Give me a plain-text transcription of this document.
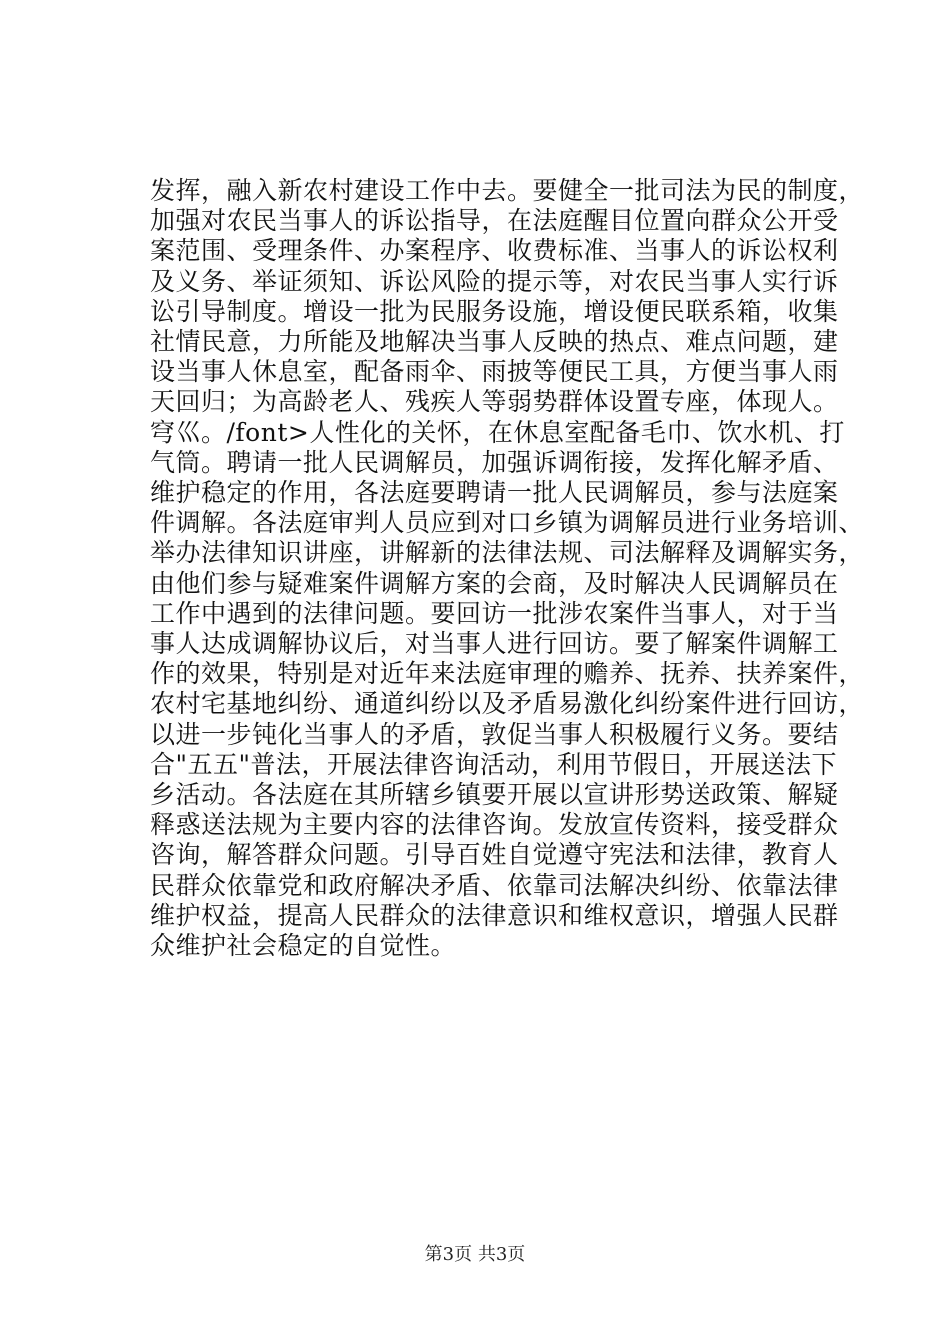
发挥，融入新农村建设工作中去。要健全一批司法为民的制度，
加强对农民当事人的诉讼指导，在法庭醒目位置向群众公开受
案范围、受理条件、办案程序、收费标准、当事人的诉讼权利
及义务、举证须知、诉讼风险的提示等，对农民当事人实行诉
讼引导制度。增设一批为民服务设施，增设便民联系箱，收集
社情民意，力所能及地解决当事人反映的热点、难点问题，建
设当事人休息室，配备雨伞、雨披等便民工具，方便当事人雨
天回归；为高龄老人、残疾人等弱势群体设置专座，体现人。
穹巛。/font>人性化的关怀，在休息室配备毛巾、饮水机、打
气筒。聘请一批人民调解员，加强诉调衔接，发挥化解矛盾、
维护稳定的作用，各法庭要聘请一批人民调解员，参与法庭案
件调解。各法庭审判人员应到对口乡镇为调解员进行业务培训、
举办法律知识讲座，讲解新的法律法规、司法解释及调解实务，
由他们参与疑难案件调解方案的会商，及时解决人民调解员在
工作中遇到的法律问题。要回访一批涉农案件当事人，对于当
事人达成调解协议后，对当事人进行回访。要了解案件调解工
作的效果，特别是对近年来法庭审理的赡养、抚养、扶养案件，
农村宅基地纠纷、通道纠纷以及矛盾易激化纠纷案件进行回访，
以进一步钝化当事人的矛盾，敦促当事人积极履行义务。要结
合"五五"普法，开展法律咨询活动，利用节假日，开展送法下
乡活动。各法庭在其所辖乡镇要开展以宣讲形势送政策、解疑
释惑送法规为主要内容的法律咨询。发放宣传资料，接受群众
咨询，解答群众问题。引导百姓自觉遵守宪法和法律，教育人
民群众依靠党和政府解决矛盾、依靠司法解决纠纷、依靠法律
维护权益，提高人民群众的法律意识和维权意识，增强人民群
众维护社会稳定的自觉性。
第3页 共3页
